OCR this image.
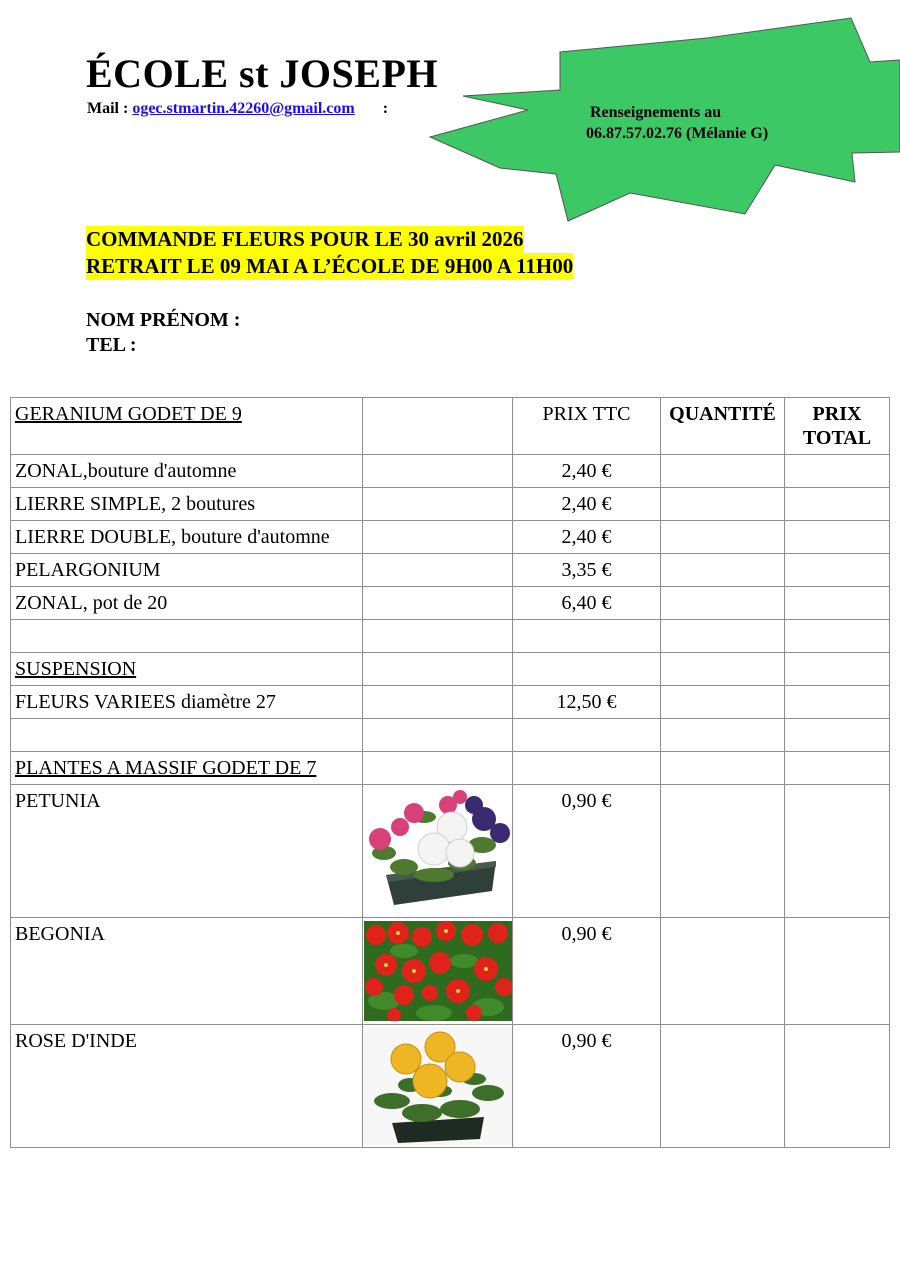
ÉCOLE st JOSEPH
Mail : ogec.stmartin.42260@gmail.com :	Renseignements au
06.87.57.02.76 (Mélanie G)
COMMANDE FLEURS POUR LE 30 avril 2026
RETRAIT LE 09 MAI A L’ÉCOLE DE 9H00 A 11H00
NOM PRÉNOM :
TEL :
GERANIUM GODET DE 9		PRIX TTC	QUANTITÉ	PRIX TOTAL
ZONAL,bouture d'automne		2,40 €		
LIERRE SIMPLE, 2 boutures		2,40 €		
LIERRE DOUBLE, bouture d'automne		2,40 €		
PELARGONIUM		3,35 €		
ZONAL, pot de 20		6,40 €		

SUSPENSION				
FLEURS VARIEES diamètre 27		12,50 €		

PLANTES A MASSIF GODET DE 7				
PETUNIA		0,90 €		
BEGONIA		0,90 €		
ROSE D'INDE		0,90 €		
